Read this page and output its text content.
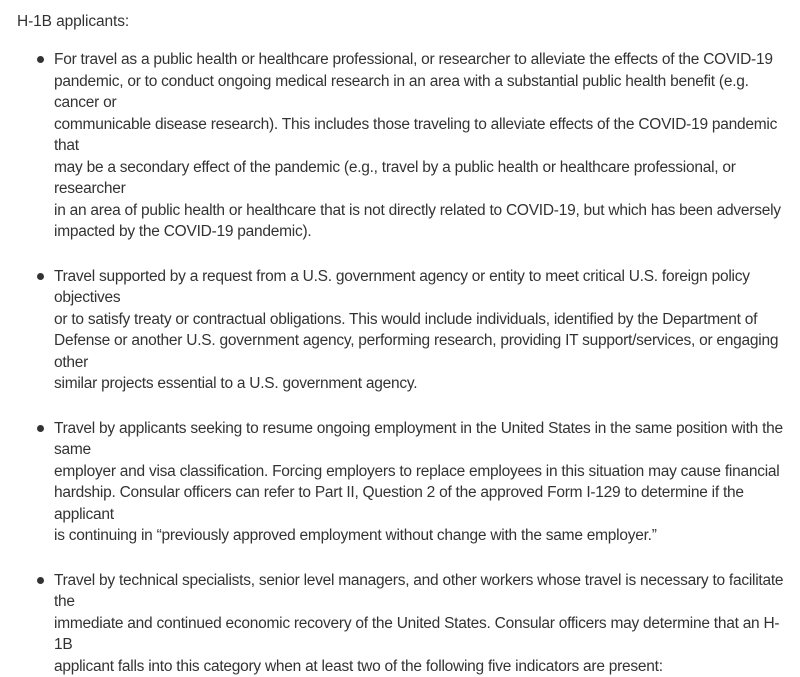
H-1B applicants:

For travel as a public health or healthcare professional, or researcher to alleviate the effects of the COVID-19
pandemic, or to conduct ongoing medical research in an area with a substantial public health benefit (e.g. cancer or
communicable disease research). This includes those traveling to alleviate effects of the COVID-19 pandemic that
may be a secondary effect of the pandemic (e.g., travel by a public health or healthcare professional, or researcher
in an area of public health or healthcare that is not directly related to COVID-19, but which has been adversely
impacted by the COVID-19 pandemic).
Travel supported by a request from a U.S. government agency or entity to meet critical U.S. foreign policy objectives
or to satisfy treaty or contractual obligations. This would include individuals, identified by the Department of
Defense or another U.S. government agency, performing research, providing IT support/services, or engaging other
similar projects essential to a U.S. government agency.
Travel by applicants seeking to resume ongoing employment in the United States in the same position with the same
employer and visa classification. Forcing employers to replace employees in this situation may cause financial
hardship. Consular officers can refer to Part II, Question 2 of the approved Form I-129 to determine if the applicant
is continuing in “previously approved employment without change with the same employer.”
Travel by technical specialists, senior level managers, and other workers whose travel is necessary to facilitate the
immediate and continued economic recovery of the United States. Consular officers may determine that an H-1B
applicant falls into this category when at least two of the following five indicators are present:
